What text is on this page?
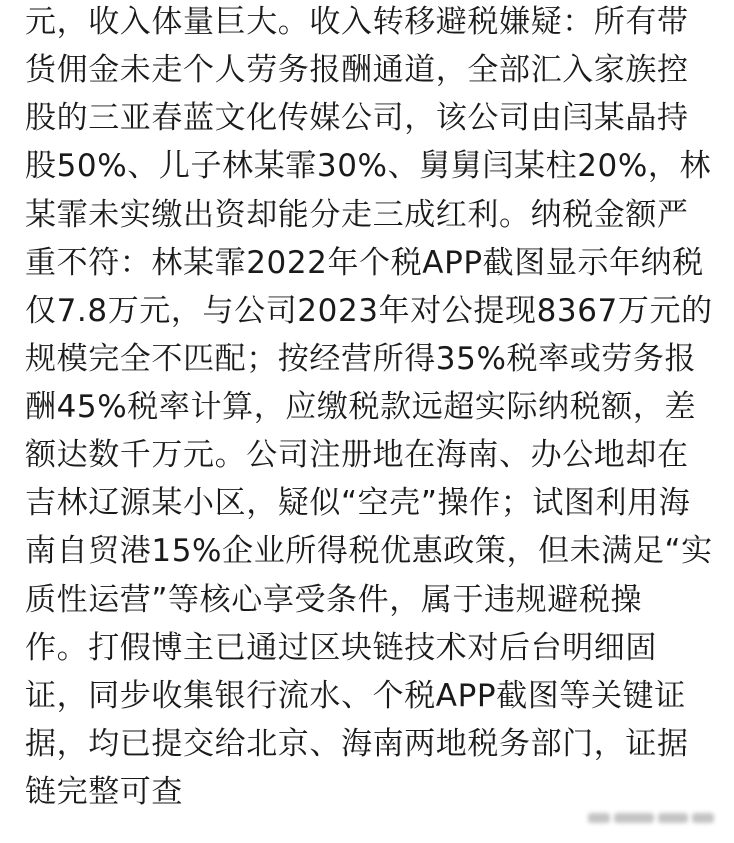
元，收入体量巨大。收入转移避税嫌疑：所有带
货佣金未走个人劳务报酬通道，全部汇入家族控
股的三亚春蓝文化传媒公司，该公司由闫某晶持
股50%、儿子林某霏30%、舅舅闫某柱20%，林
某霏未实缴出资却能分走三成红利。纳税金额严
重不符：林某霏2022年个税APP截图显示年纳税
仅7.8万元，与公司2023年对公提现8367万元的
规模完全不匹配；按经营所得35%税率或劳务报
酬45%税率计算，应缴税款远超实际纳税额，差
额达数千万元。公司注册地在海南、办公地却在
吉林辽源某小区，疑似“空壳”操作；试图利用海
南自贸港15%企业所得税优惠政策，但未满足“实
质性运营”等核心享受条件，属于违规避税操
作。打假博主已通过区块链技术对后台明细固
证，同步收集银行流水、个税APP截图等关键证
据，均已提交给北京、海南两地税务部门，证据
链完整可查
